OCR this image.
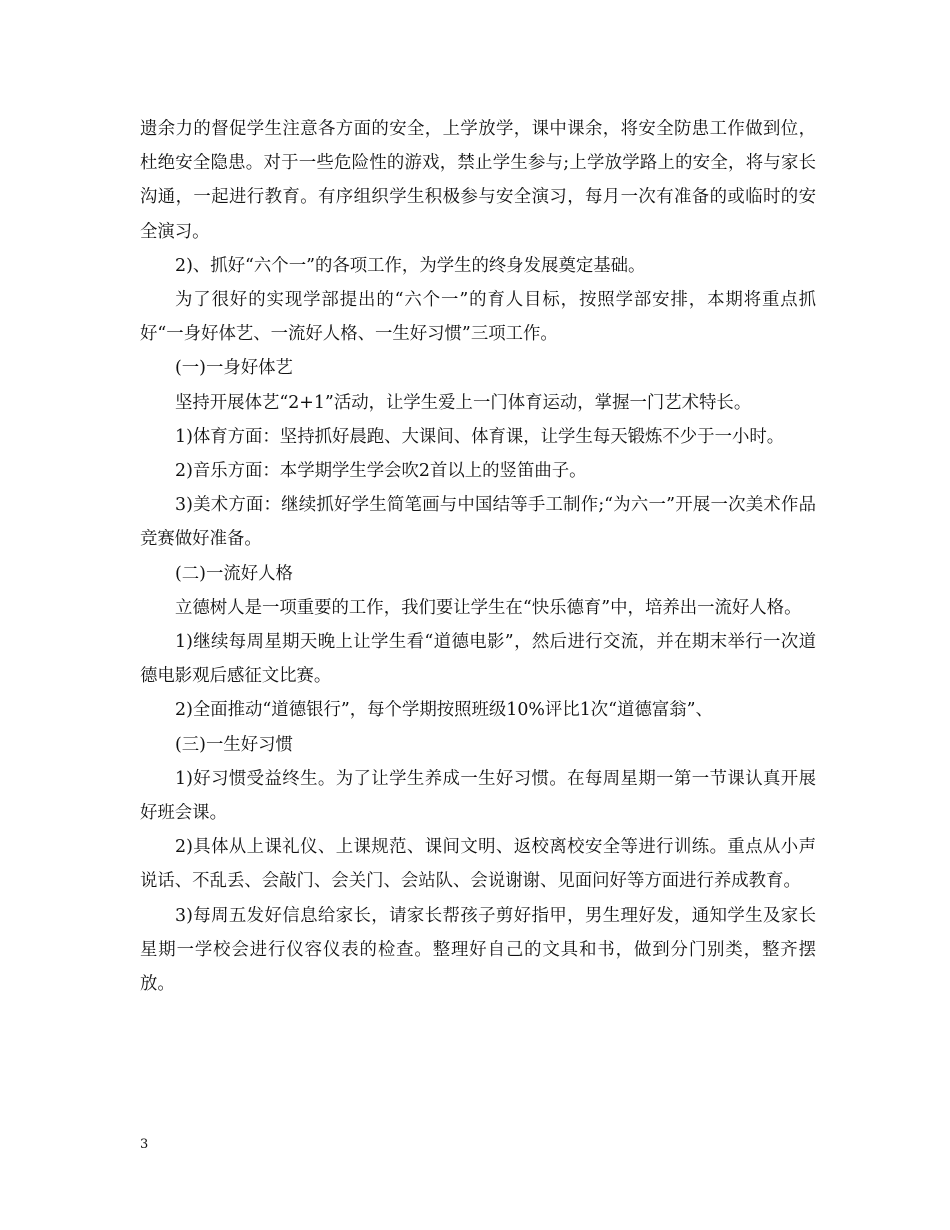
遗余力的督促学生注意各方面的安全，上学放学，课中课余，将安全防患工作做到位，杜绝安全隐患。对于一些危险性的游戏，禁止学生参与;上学放学路上的安全，将与家长沟通，一起进行教育。有序组织学生积极参与安全演习，每月一次有准备的或临时的安全演习。

2)、抓好“六个一”的各项工作，为学生的终身发展奠定基础。

为了很好的实现学部提出的“六个一”的育人目标，按照学部安排，本期将重点抓好“一身好体艺、一流好人格、一生好习惯”三项工作。

(一)一身好体艺

坚持开展体艺“2+1”活动，让学生爱上一门体育运动，掌握一门艺术特长。

1)体育方面：坚持抓好晨跑、大课间、体育课，让学生每天锻炼不少于一小时。

2)音乐方面：本学期学生学会吹2首以上的竖笛曲子。

3)美术方面：继续抓好学生简笔画与中国结等手工制作;“为六一”开展一次美术作品竞赛做好准备。

(二)一流好人格

立德树人是一项重要的工作，我们要让学生在“快乐德育”中，培养出一流好人格。

1)继续每周星期天晚上让学生看“道德电影”，然后进行交流，并在期末举行一次道德电影观后感征文比赛。

2)全面推动“道德银行”，每个学期按照班级10%评比1次“道德富翁”、

(三)一生好习惯

1)好习惯受益终生。为了让学生养成一生好习惯。在每周星期一第一节课认真开展好班会课。

2)具体从上课礼仪、上课规范、课间文明、返校离校安全等进行训练。重点从小声说话、不乱丢、会敲门、会关门、会站队、会说谢谢、见面问好等方面进行养成教育。

3)每周五发好信息给家长，请家长帮孩子剪好指甲，男生理好发，通知学生及家长星期一学校会进行仪容仪表的检查。整理好自己的文具和书，做到分门别类，整齐摆放。

3
